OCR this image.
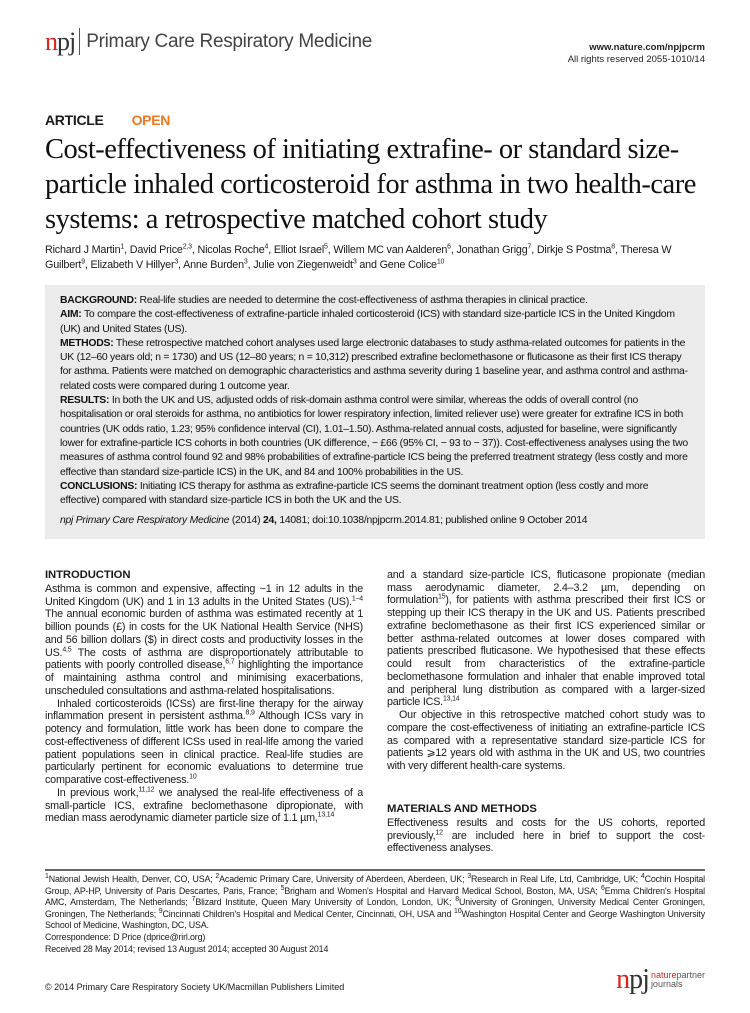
npj Primary Care Respiratory Medicine	www.nature.com/npjpcrm
All rights reserved 2055-1010/14
ARTICLE OPEN
Cost-effectiveness of initiating extrafine- or standard size-particle inhaled corticosteroid for asthma in two health-care systems: a retrospective matched cohort study
Richard J Martin$^1$, David Price$^{2,3}$, Nicolas Roche$^4$, Elliot Israel$^5$, Willem MC van Aalderen$^6$, Jonathan Grigg$^7$, Dirkje S Postma$^8$, Theresa W Guilbert$^9$, Elizabeth V Hillyer$^3$, Anne Burden$^3$, Julie von Ziegenweidt$^3$ and Gene Colice$^{10}$

BACKGROUND: Real-life studies are needed to determine the cost-effectiveness of asthma therapies in clinical practice.

AIM: To compare the cost-effectiveness of extrafine-particle inhaled corticosteroid (ICS) with standard size-particle ICS in the United Kingdom (UK) and United States (US).

METHODS: These retrospective matched cohort analyses used large electronic databases to study asthma-related outcomes for patients in the UK (12–60 years old; n = 1730) and US (12–80 years; n = 10,312) prescribed extrafine beclomethasone or fluticasone as their first ICS therapy for asthma. Patients were matched on demographic characteristics and asthma severity during 1 baseline year, and asthma control and asthma-related costs were compared during 1 outcome year.

RESULTS: In both the UK and US, adjusted odds of risk-domain asthma control were similar, whereas the odds of overall control (no hospitalisation or oral steroids for asthma, no antibiotics for lower respiratory infection, limited reliever use) were greater for extrafine ICS in both countries (UK odds ratio, 1.23; 95% confidence interval (CI), 1.01–1.50). Asthma-related annual costs, adjusted for baseline, were significantly lower for extrafine-particle ICS cohorts in both countries (UK difference, − £66 (95% CI, − 93 to − 37)). Cost-effectiveness analyses using the two measures of asthma control found 92 and 98% probabilities of extrafine-particle ICS being the preferred treatment strategy (less costly and more effective than standard size-particle ICS) in the UK, and 84 and 100% probabilities in the US.

CONCLUSIONS: Initiating ICS therapy for asthma as extrafine-particle ICS seems the dominant treatment option (less costly and more effective) compared with standard size-particle ICS in both the UK and the US.

npj Primary Care Respiratory Medicine (2014) 24, 14081; doi:10.1038/npjpcrm.2014.81; published online 9 October 2014

INTRODUCTION

Asthma is common and expensive, affecting ~1 in 12 adults in the United Kingdom (UK) and 1 in 13 adults in the United States (US).$^{1-4}$ The annual economic burden of asthma was estimated recently at 1 billion pounds (£) in costs for the UK National Health Service (NHS) and 56 billion dollars ($) in direct costs and productivity losses in the US.$^{4,5}$ The costs of asthma are disproportionately attributable to patients with poorly controlled disease,$^{6,7}$ highlighting the importance of maintaining asthma control and minimising exacerbations, unscheduled consultations and asthma-related hospitalisations.

Inhaled corticosteroids (ICSs) are first-line therapy for the airway inflammation present in persistent asthma.$^{8,9}$ Although ICSs vary in potency and formulation, little work has been done to compare the cost-effectiveness of different ICSs used in real-life among the varied patient populations seen in clinical practice. Real-life studies are particularly pertinent for economic evaluations to determine true comparative cost-effectiveness.$^{10}$

In previous work,$^{11,12}$ we analysed the real-life effectiveness of a small-particle ICS, extrafine beclomethasone dipropionate, with median mass aerodynamic diameter particle size of 1.1 µm,$^{13,14}$

and a standard size-particle ICS, fluticasone propionate (median mass aerodynamic diameter, 2.4–3.2 µm, depending on formulation$^{15}$), for patients with asthma prescribed their first ICS or stepping up their ICS therapy in the UK and US. Patients prescribed extrafine beclomethasone as their first ICS experienced similar or better asthma-related outcomes at lower doses compared with patients prescribed fluticasone. We hypothesised that these effects could result from characteristics of the extrafine-particle beclomethasone formulation and inhaler that enable improved total and peripheral lung distribution as compared with a larger-sized particle ICS.$^{13,14}$

Our objective in this retrospective matched cohort study was to compare the cost-effectiveness of initiating an extrafine-particle ICS as compared with a representative standard size-particle ICS for patients ⩾12 years old with asthma in the UK and US, two countries with very different health-care systems.

MATERIALS AND METHODS

Effectiveness results and costs for the US cohorts, reported previously,$^{12}$ are included here in brief to support the cost-effectiveness analyses.

$^1$National Jewish Health, Denver, CO, USA; $^2$Academic Primary Care, University of Aberdeen, Aberdeen, UK; $^3$Research in Real Life, Ltd, Cambridge, UK; $^4$Cochin Hospital Group, AP-HP, University of Paris Descartes, Paris, France; $^5$Brigham and Women's Hospital and Harvard Medical School, Boston, MA, USA; $^6$Emma Children's Hospital AMC, Amsterdam, The Netherlands; $^7$Blizard Institute, Queen Mary University of London, London, UK; $^8$University of Groningen, University Medical Center Groningen, Groningen, The Netherlands; $^9$Cincinnati Children's Hospital and Medical Center, Cincinnati, OH, USA and $^{10}$Washington Hospital Center and George Washington University School of Medicine, Washington, DC, USA.

Correspondence: D Price (dprice@rirl.org)

Received 28 May 2014; revised 13 August 2014; accepted 30 August 2014

© 2014 Primary Care Respiratory Society UK/Macmillan Publishers Limited	npj naturepartner
journals
